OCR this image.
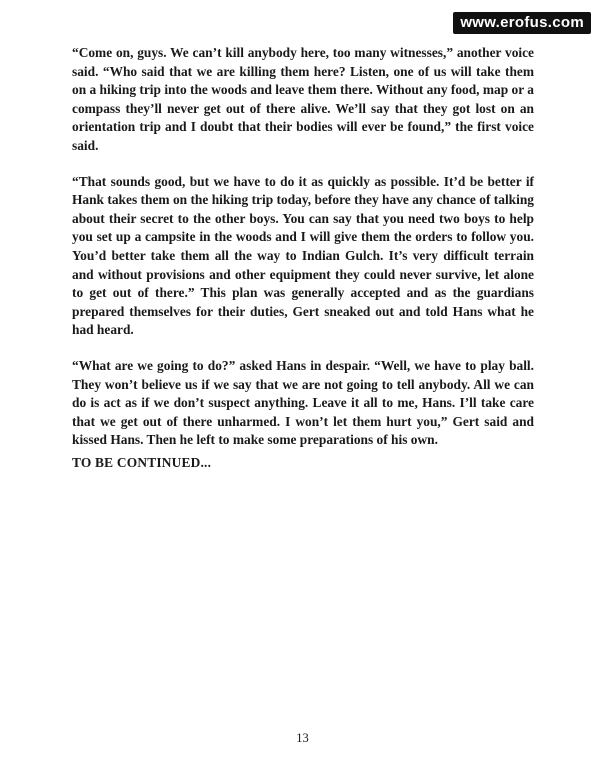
www.erofus.com

“Come on, guys. We can’t kill anybody here, too many witnesses,” another voice said. “Who said that we are killing them here? Listen, one of us will take them on a hiking trip into the woods and leave them there. Without any food, map or a compass they’ll never get out of there alive. We’ll say that they got lost on an orientation trip and I doubt that their bodies will ever be found,” the first voice said.

“That sounds good, but we have to do it as quickly as possible. It’d be better if Hank takes them on the hiking trip today, before they have any chance of talking about their secret to the other boys. You can say that you need two boys to help you set up a campsite in the woods and I will give them the orders to follow you. You’d better take them all the way to Indian Gulch. It’s very difficult terrain and without provisions and other equipment they could never survive, let alone to get out of there.” This plan was generally accepted and as the guardians prepared themselves for their duties, Gert sneaked out and told Hans what he had heard.

“What are we going to do?” asked Hans in despair. “Well, we have to play ball. They won’t believe us if we say that we are not going to tell anybody. All we can do is act as if we don’t suspect anything. Leave it all to me, Hans. I’ll take care that we get out of there unharmed. I won’t let them hurt you,” Gert said and kissed Hans. Then he left to make some preparations of his own.

TO BE CONTINUED...
13
